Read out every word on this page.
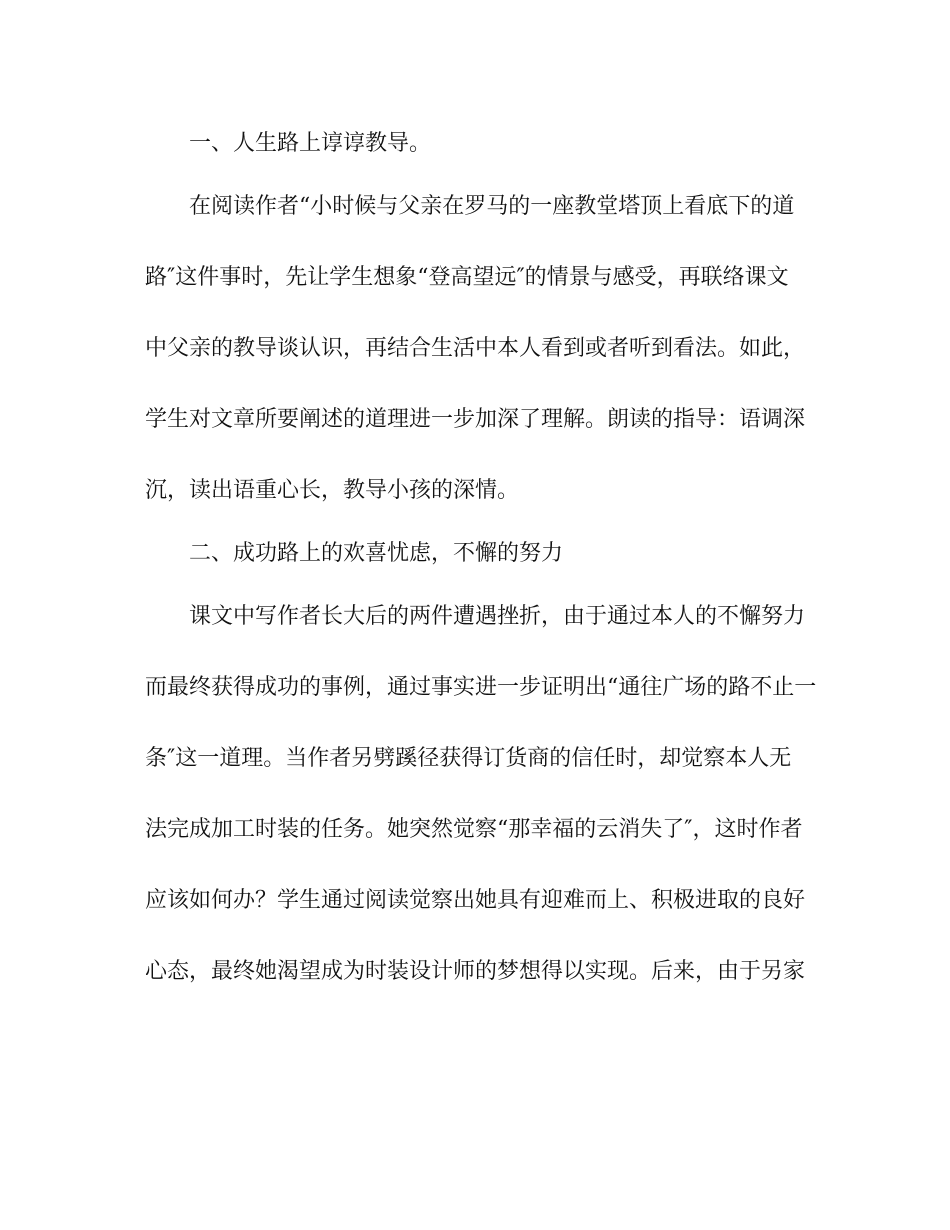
一、人生路上谆谆教导。

在阅读作者“小时候与父亲在罗马的一座教堂塔顶上看底下的道

路″这件事时，先让学生想象“登高望远″的情景与感受，再联络课文

中父亲的教导谈认识，再结合生活中本人看到或者听到看法。如此，

学生对文章所要阐述的道理进一步加深了理解。朗读的指导：语调深

沉，读出语重心长，教导小孩的深情。

二、成功路上的欢喜忧虑，不懈的努力

课文中写作者长大后的两件遭遇挫折，由于通过本人的不懈努力

而最终获得成功的事例，通过事实进一步证明出“通往广场的路不止一

条″这一道理。当作者另劈蹊径获得订货商的信任时，却觉察本人无

法完成加工时装的任务。她突然觉察“那幸福的云消失了″，这时作者

应该如何办？学生通过阅读觉察出她具有迎难而上、积极进取的良好

心态，最终她渴望成为时装设计师的梦想得以实现。后来，由于另家
